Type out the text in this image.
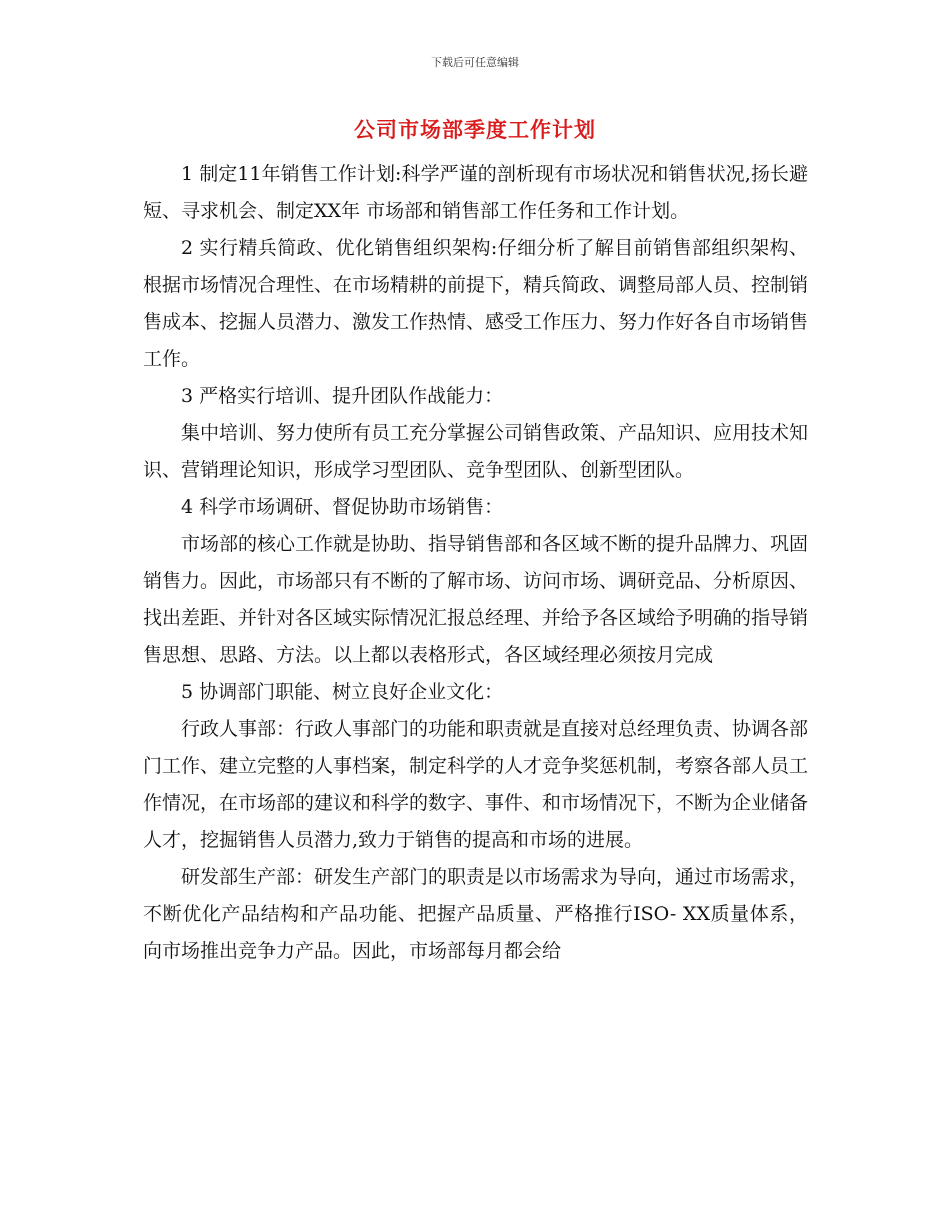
下载后可任意编辑
公司市场部季度工作计划

1 制定11年销售工作计划:科学严谨的剖析现有市场状况和销售状况,扬长避短、寻求机会、制定XX年 市场部和销售部工作任务和工作计划。

2 实行精兵简政、优化销售组织架构:仔细分析了解目前销售部组织架构、根据市场情况合理性、在市场精耕的前提下，精兵简政、调整局部人员、控制销售成本、挖掘人员潜力、激发工作热情、感受工作压力、努力作好各自市场销售工作。

3 严格实行培训、提升团队作战能力：

集中培训、努力使所有员工充分掌握公司销售政策、产品知识、应用技术知识、营销理论知识，形成学习型团队、竞争型团队、创新型团队。

4 科学市场调研、督促协助市场销售：

市场部的核心工作就是协助、指导销售部和各区域不断的提升品牌力、巩固销售力。因此，市场部只有不断的了解市场、访问市场、调研竞品、分析原因、找出差距、并针对各区域实际情况汇报总经理、并给予各区域给予明确的指导销售思想、思路、方法。以上都以表格形式，各区域经理必须按月完成

5 协调部门职能、树立良好企业文化：

行政人事部：行政人事部门的功能和职责就是直接对总经理负责、协调各部门工作、建立完整的人事档案，制定科学的人才竞争奖惩机制，考察各部人员工作情况，在市场部的建议和科学的数字、事件、和市场情况下，不断为企业储备人才，挖掘销售人员潜力,致力于销售的提高和市场的进展。

研发部生产部：研发生产部门的职责是以市场需求为导向，通过市场需求，不断优化产品结构和产品功能、把握产品质量、严格推行ISO- XX质量体系，向市场推出竞争力产品。因此，市场部每月都会给
